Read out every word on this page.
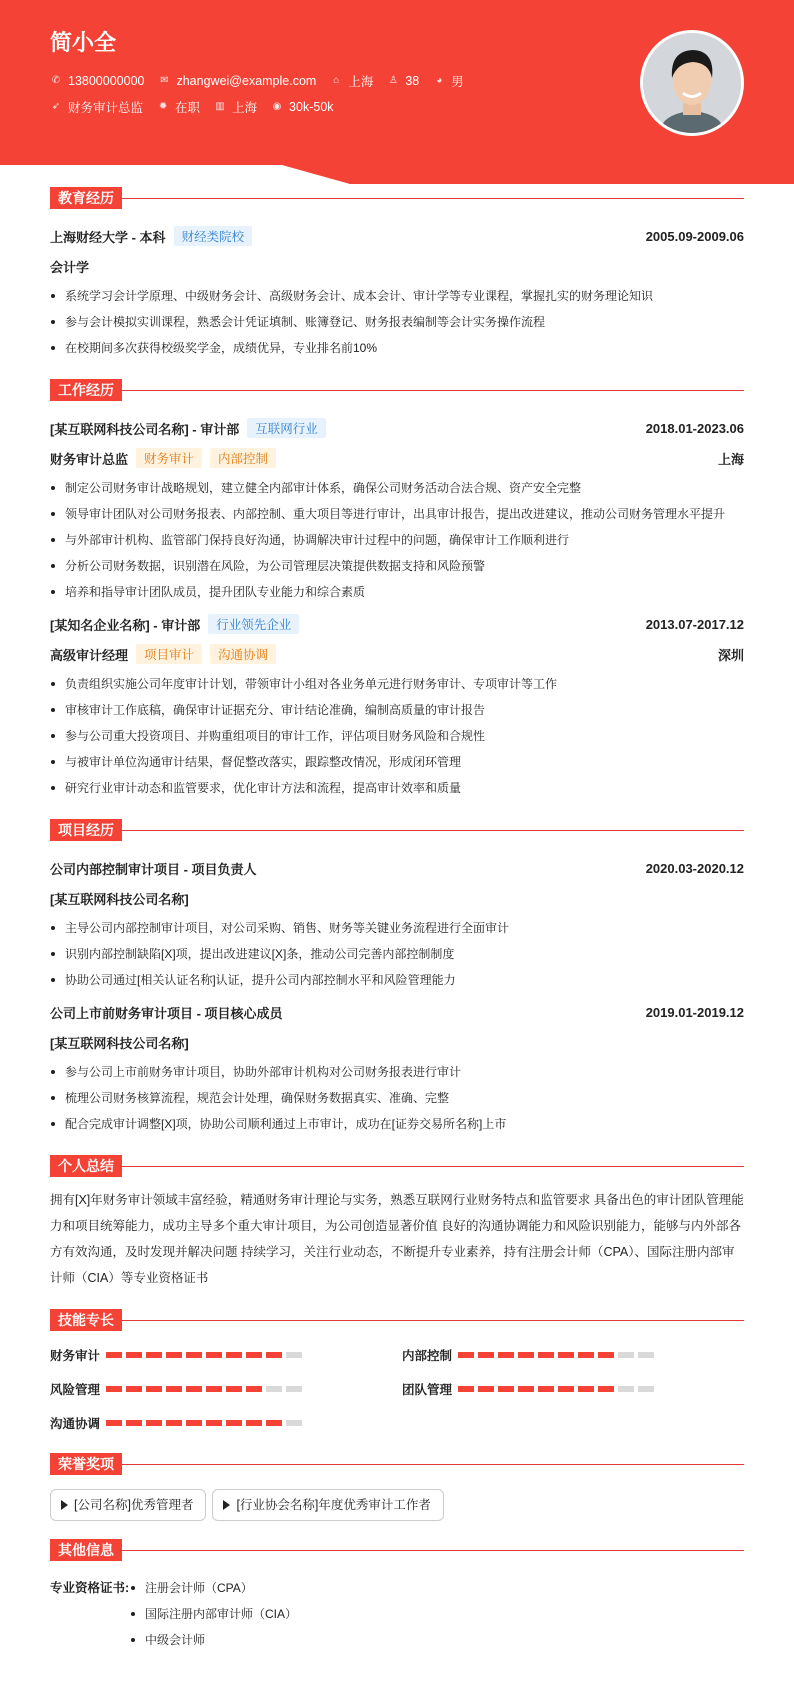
简小全
✆ 13800000000 ✉ zhangwei@example.com ⌂ 上海 ♙ 38 ◕ 男
➶ 财务审计总监 ✹ 在职 ▥ 上海 ◉ 30k-50k
教育经历
上海财经大学 - 本科	财经类院校	2005.09-2009.06
会计学
系统学习会计学原理、中级财务会计、高级财务会计、成本会计、审计学等专业课程，掌握扎实的财务理论知识
参与会计模拟实训课程，熟悉会计凭证填制、账簿登记、财务报表编制等会计实务操作流程
在校期间多次获得校级奖学金，成绩优异，专业排名前10%
工作经历
[某互联网科技公司名称] - 审计部	互联网行业	2018.01-2023.06
财务审计总监	财务审计	内部控制	上海
制定公司财务审计战略规划，建立健全内部审计体系，确保公司财务活动合法合规、资产安全完整
领导审计团队对公司财务报表、内部控制、重大项目等进行审计，出具审计报告，提出改进建议，推动公司财务管理水平提升
与外部审计机构、监管部门保持良好沟通，协调解决审计过程中的问题，确保审计工作顺利进行
分析公司财务数据，识别潜在风险，为公司管理层决策提供数据支持和风险预警
培养和指导审计团队成员，提升团队专业能力和综合素质
[某知名企业名称] - 审计部	行业领先企业	2013.07-2017.12
高级审计经理	项目审计	沟通协调	深圳
负责组织实施公司年度审计计划，带领审计小组对各业务单元进行财务审计、专项审计等工作
审核审计工作底稿，确保审计证据充分、审计结论准确，编制高质量的审计报告
参与公司重大投资项目、并购重组项目的审计工作，评估项目财务风险和合规性
与被审计单位沟通审计结果，督促整改落实，跟踪整改情况，形成闭环管理
研究行业审计动态和监管要求，优化审计方法和流程，提高审计效率和质量
项目经历
公司内部控制审计项目 - 项目负责人	2020.03-2020.12
[某互联网科技公司名称]
主导公司内部控制审计项目，对公司采购、销售、财务等关键业务流程进行全面审计
识别内部控制缺陷[X]项，提出改进建议[X]条，推动公司完善内部控制制度
协助公司通过[相关认证名称]认证，提升公司内部控制水平和风险管理能力
公司上市前财务审计项目 - 项目核心成员	2019.01-2019.12
[某互联网科技公司名称]
参与公司上市前财务审计项目，协助外部审计机构对公司财务报表进行审计
梳理公司财务核算流程，规范会计处理，确保财务数据真实、准确、完整
配合完成审计调整[X]项，协助公司顺利通过上市审计，成功在[证券交易所名称]上市
个人总结
拥有[X]年财务审计领域丰富经验，精通财务审计理论与实务，熟悉互联网行业财务特点和监管要求 具备出色的审计团队管理能力和项目统筹能力，成功主导多个重大审计项目，为公司创造显著价值 良好的沟通协调能力和风险识别能力，能够与内外部各方有效沟通，及时发现并解决问题 持续学习，关注行业动态，不断提升专业素养，持有注册会计师（CPA）、国际注册内部审计师（CIA）等专业资格证书
技能专长
财务审计	内部控制
风险管理	团队管理
沟通协调
荣誉奖项
[公司名称]优秀管理者	[行业协会名称]年度优秀审计工作者
其他信息
专业资格证书:	注册会计师（CPA）
国际注册内部审计师（CIA）
中级会计师
